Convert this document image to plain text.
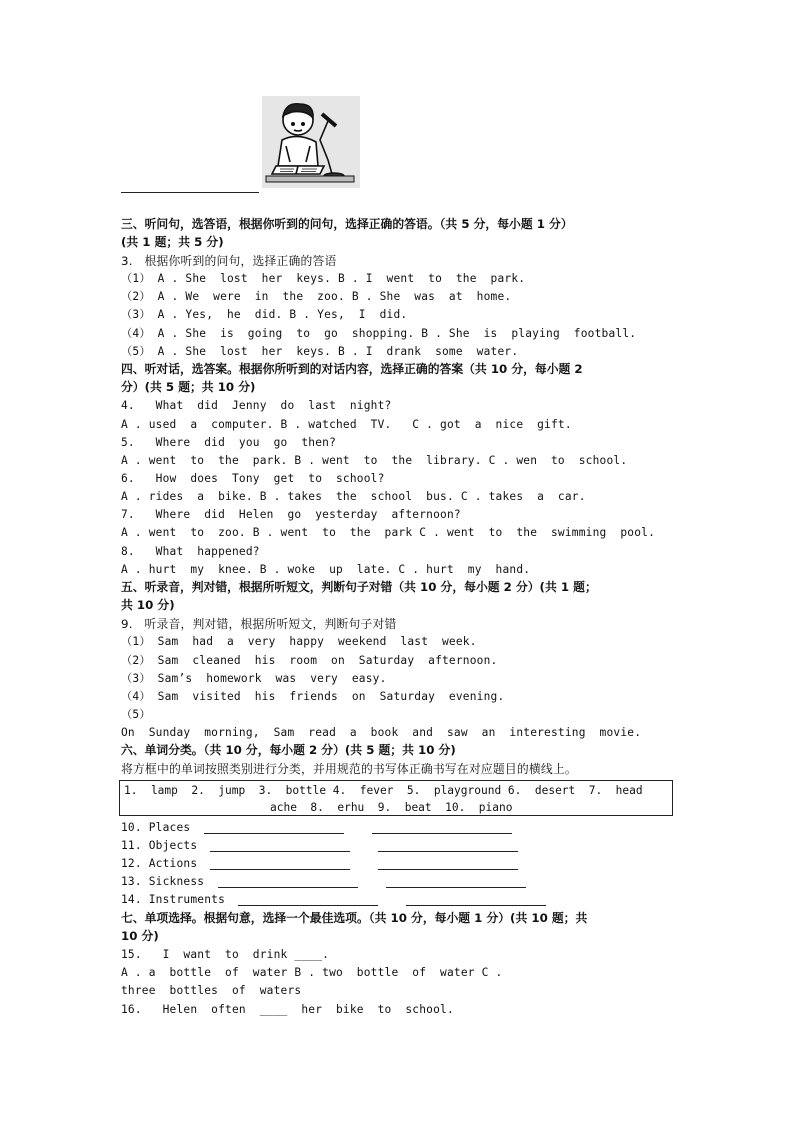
三、听问句，选答语，根据你听到的问句，选择正确的答语。（共 5 分，每小题 1 分）
(共 1 题；共 5 分)
3.   根据你听到的问句，选择正确的答语
（1） A . She  lost  her  keys. B . I  went  to  the  park.
（2） A . We  were  in  the  zoo. B . She  was  at  home.
（3） A . Yes,  he  did. B . Yes,  I  did.
（4） A . She  is  going  to  go  shopping. B . She  is  playing  football.
（5） A . She  lost  her  keys. B . I  drank  some  water.
四、听对话，选答案。根据你所听到的对话内容，选择正确的答案（共 10 分，每小题 2
分）(共 5 题；共 10 分)
4.   What  did  Jenny  do  last  night?
A . used  a  computer. B . watched  TV.   C . got  a  nice  gift.
5.   Where  did  you  go  then?
A . went  to  the  park. B . went  to  the  library. C . wen  to  school.
6.   How  does  Tony  get  to  school?
A . rides  a  bike. B . takes  the  school  bus. C . takes  a  car.
7.   Where  did  Helen  go  yesterday  afternoon?
A . went  to  zoo. B . went  to  the  park C . went  to  the  swimming  pool.
8.   What  happened?
A . hurt  my  knee. B . woke  up  late. C . hurt  my  hand.
五、听录音，判对错，根据所听短文，判断句子对错（共 10 分，每小题 2 分）(共 1 题；
共 10 分)
9.   听录音，判对错，根据所听短文，判断句子对错
（1） Sam  had  a  very  happy  weekend  last  week.
（2） Sam  cleaned  his  room  on  Saturday  afternoon.
（3） Sam’s  homework  was  very  easy.
（4） Sam  visited  his  friends  on  Saturday  evening.
（5）
On  Sunday  morning,  Sam  read  a  book  and  saw  an  interesting  movie.
六、单词分类。（共 10 分，每小题 2 分）(共 5 题；共 10 分)
将方框中的单词按照类别进行分类，并用规范的书写体正确书写在对应题目的横线上。
1.  lamp  2.  jump  3.  bottle 4.  fever  5.  playground 6.  desert  7.  head
ache  8.  erhu  9.  beat  10.  piano
10. Places
11. Objects
12. Actions
13. Sickness
14. Instruments
七、单项选择。根据句意，选择一个最佳选项。（共 10 分，每小题 1 分）(共 10 题；共
10 分)
15.   I  want  to  drink ____.
A . a  bottle  of  water B . two  bottle  of  water C .
three  bottles  of  waters
16.   Helen  often  ____  her  bike  to  school.
